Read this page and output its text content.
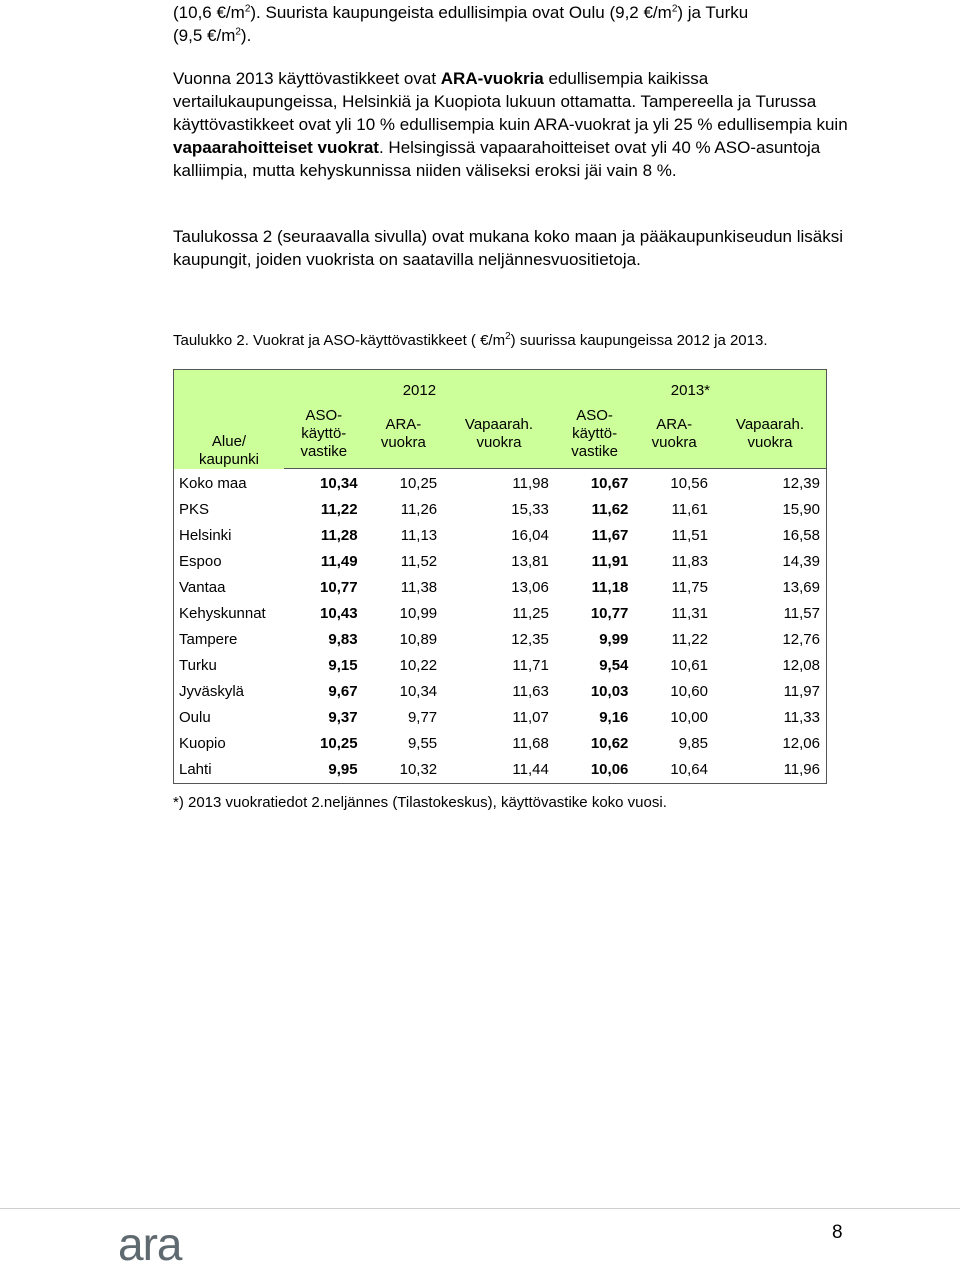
(10,6 $€/m^2$). Suurista kaupungeista edullisimpia ovat Oulu (9,2 $€/m^2$) ja Turku
(9,5 $€/m^2$).
Vuonna 2013 käyttövastikkeet ovat ARA-vuokria edullisempia kaikissa vertailukaupungeissa, Helsinkiä ja Kuopiota lukuun ottamatta. Tampereella ja Turussa käyttövastikkeet ovat yli 10 % edullisempia kuin ARA-vuokrat ja yli 25 % edullisempia kuin vapaarahoitteiset vuokrat. Helsingissä vapaarahoitteiset ovat yli 40 % ASO-asuntoja kalliimpia, mutta kehyskunnissa niiden väliseksi eroksi jäi vain 8 %.
Taulukossa 2 (seuraavalla sivulla) ovat mukana koko maan ja pääkaupunkiseudun lisäksi kaupungit, joiden vuokrista on saatavilla neljännesvuositietoja.
Taulukko 2. Vuokrat ja ASO-käyttövastikkeet ( $€/m^2$) suurissa kaupungeissa 2012 ja 2013.
Alue/
kaupunki	2012			2013*		
	ASO-
käyttö-
vastike	ARA-
vuokra	Vapaarah.
vuokra	ASO-
käyttö-
vastike	ARA-
vuokra	Vapaarah.
vuokra
Koko maa	10,34	10,25	11,98	10,67	10,56	12,39
PKS	11,22	11,26	15,33	11,62	11,61	15,90
Helsinki	11,28	11,13	16,04	11,67	11,51	16,58
Espoo	11,49	11,52	13,81	11,91	11,83	14,39
Vantaa	10,77	11,38	13,06	11,18	11,75	13,69
Kehyskunnat	10,43	10,99	11,25	10,77	11,31	11,57
Tampere	9,83	10,89	12,35	9,99	11,22	12,76
Turku	9,15	10,22	11,71	9,54	10,61	12,08
Jyväskylä	9,67	10,34	11,63	10,03	10,60	11,97
Oulu	9,37	9,77	11,07	9,16	10,00	11,33
Kuopio	10,25	9,55	11,68	10,62	9,85	12,06
Lahti	9,95	10,32	11,44	10,06	10,64	11,96
*) 2013 vuokratiedot 2.neljännes (Tilastokeskus), käyttövastike koko vuosi.
ara	8
